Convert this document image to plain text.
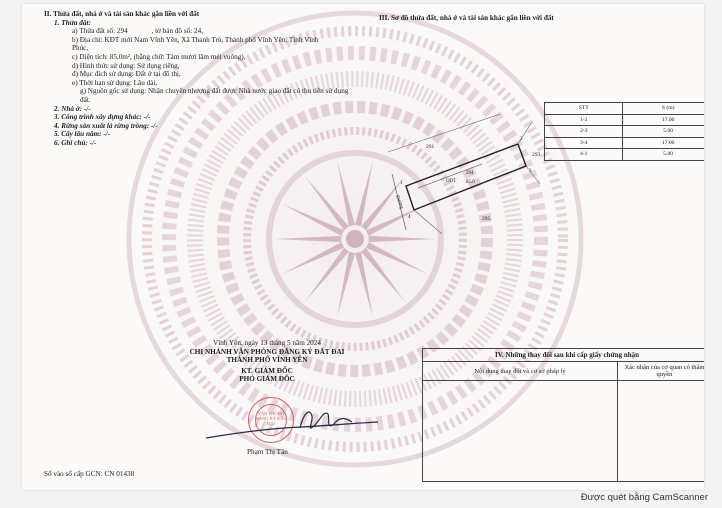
II. Thửa đất, nhà ở và tài sản khác gắn liền với đất
1. Thửa đất:
a) Thửa đất số: 294	, tờ bản đồ số: 24,
b) Địa chỉ: KĐT mới Nam Vĩnh Yên, Xã Thanh Trù, Thành phố Vĩnh Yên, Tỉnh Vĩnh
Phúc,
c) Diện tích: 85,0m², (bằng chữ: Tám mươi lăm mét vuông),
d) Hình thức sử dụng: Sử dụng riêng,
đ) Mục đích sử dụng: Đất ở tại đô thị,
e) Thời hạn sử dụng: Lâu dài,
g) Nguồn gốc sử dụng: Nhận chuyển nhượng đất được Nhà nước giao đất có thu tiền sử dụng đất.
2. Nhà ở: -/-
3. Công trình xây dựng khác: -/-
4. Rừng sản xuất là rừng trồng: -/-
5. Cây lâu năm: -/-
6. Ghi chú: -/-
Vĩnh Yên, ngày 13 tháng 5 năm 2024
CHI NHÁNH VĂN PHÒNG ĐĂNG KÝ ĐẤT ĐAI
THÀNH PHỐ VĨNH YÊN
KT. GIÁM ĐỐC
PHÓ GIÁM ĐỐC
VĂN PHÒNG ĐĂNG KÝ ĐẤT ĐAI
Phạm Thị Tân
Số vào sổ cấp GCN: CN 01438
III. Sơ đồ thửa đất, nhà ở và tài sản khác gắn liền với đất
291
293
295
ODT
294
85.0
1
2
3
4
Đường
STT	S (m)
1-2	17.00
2-3	5.00
3-4	17.00
4-1	5.00
IV. Những thay đổi sau khi cấp giấy chứng nhận	
Nội dung thay đổi và cơ sở pháp lý	Xác nhận của cơ quan có thẩm quyền

Được quét bằng CamScanner
